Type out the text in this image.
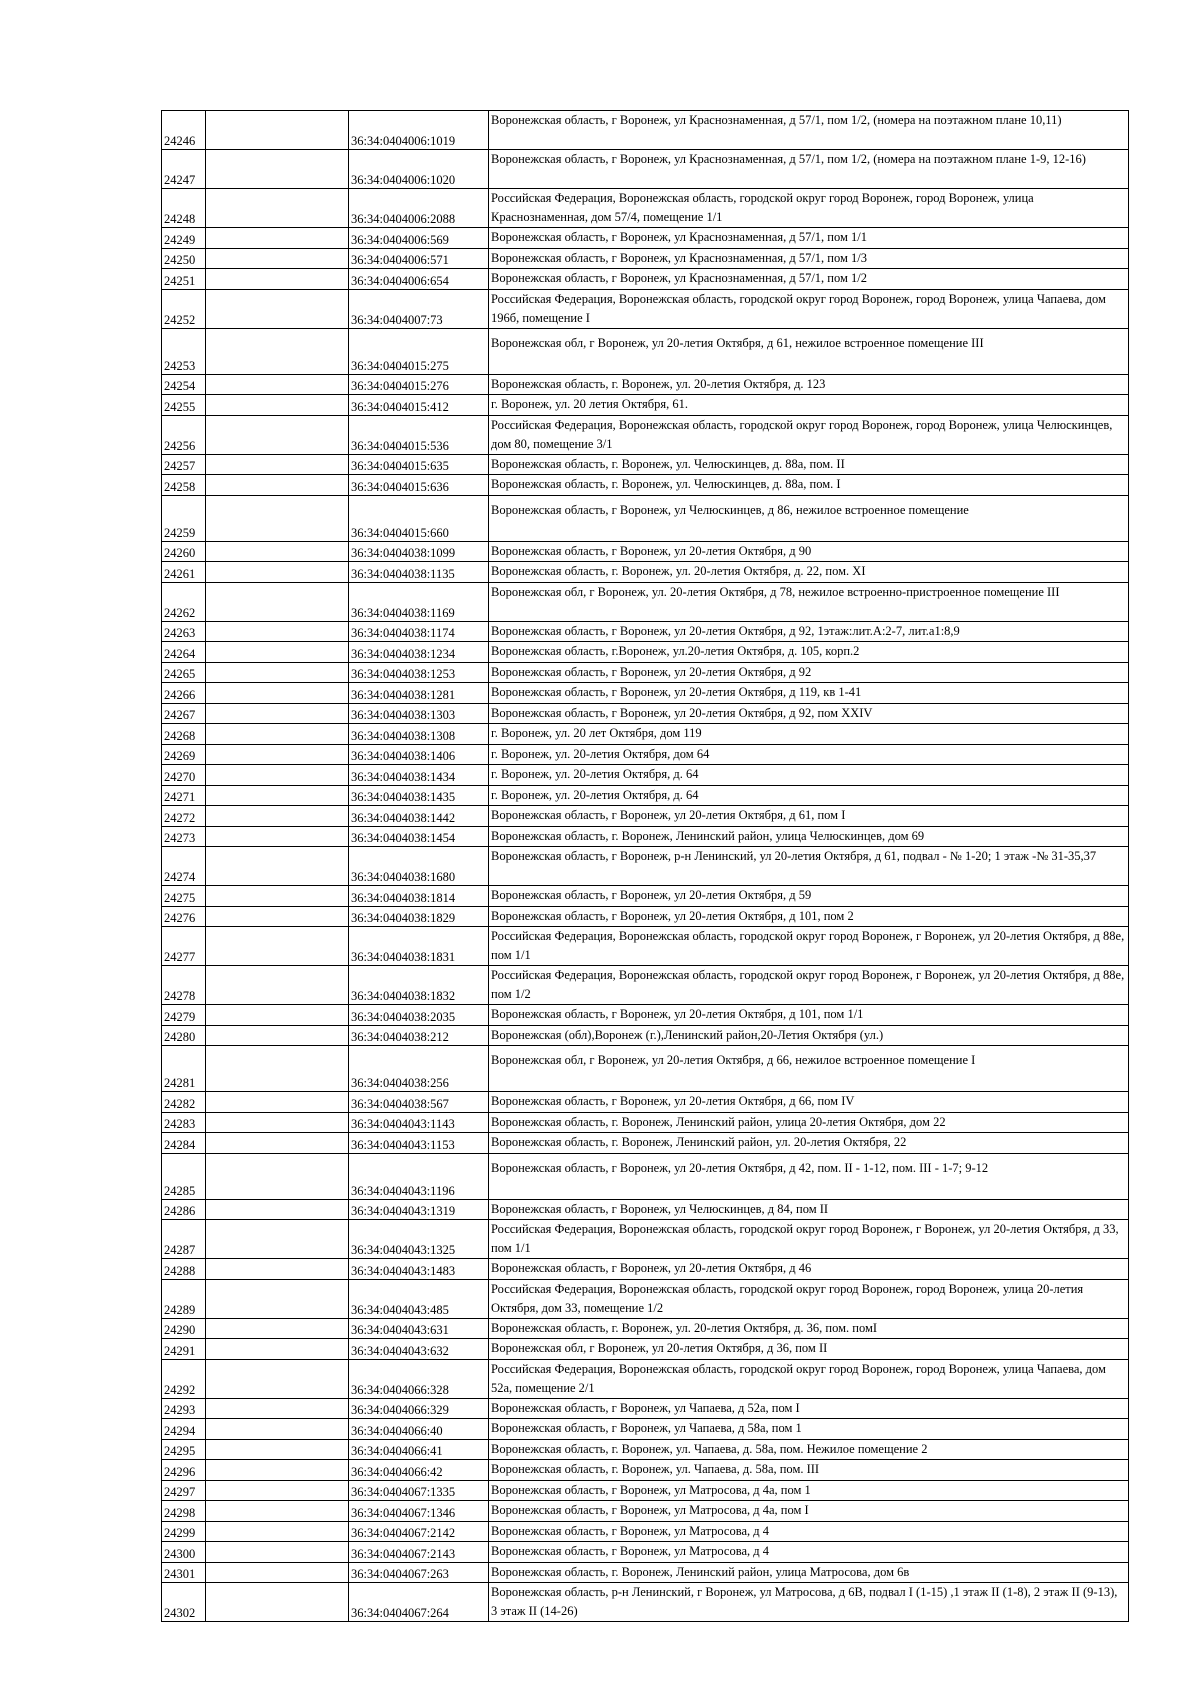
24246		36:34:0404006:1019	Воронежская область, г Воронеж, ул Краснознаменная, д 57/1, пом 1/2, (номера на поэтажном плане 10,11)
24247		36:34:0404006:1020	Воронежская область, г Воронеж, ул Краснознаменная, д 57/1, пом 1/2, (номера на поэтажном плане 1-9, 12-16)
24248		36:34:0404006:2088	Российская Федерация, Воронежская область, городской округ город Воронеж, город Воронеж, улица Краснознаменная, дом 57/4, помещение 1/1
24249		36:34:0404006:569	Воронежская область, г Воронеж, ул Краснознаменная, д 57/1, пом 1/1
24250		36:34:0404006:571	Воронежская область, г Воронеж, ул Краснознаменная, д 57/1, пом 1/3
24251		36:34:0404006:654	Воронежская область, г Воронеж, ул Краснознаменная, д 57/1, пом 1/2
24252		36:34:0404007:73	Российская Федерация, Воронежская область, городской округ город Воронеж, город Воронеж, улица Чапаева, дом 196б, помещение I
24253		36:34:0404015:275	Воронежская обл, г Воронеж, ул 20-летия Октября, д 61, нежилое встроенное помещение III
24254		36:34:0404015:276	Воронежская область, г. Воронеж, ул. 20-летия Октября, д. 123
24255		36:34:0404015:412	г. Воронеж, ул. 20 летия Октября, 61.
24256		36:34:0404015:536	Российская Федерация, Воронежская область, городской округ город Воронеж, город Воронеж, улица Челюскинцев, дом 80, помещение 3/1
24257		36:34:0404015:635	Воронежская область, г. Воронеж, ул. Челюскинцев, д. 88а, пом. II
24258		36:34:0404015:636	Воронежская область, г. Воронеж, ул. Челюскинцев, д. 88а, пом. I
24259		36:34:0404015:660	Воронежская область, г Воронеж, ул Челюскинцев, д 86, нежилое встроенное помещение
24260		36:34:0404038:1099	Воронежская область, г Воронеж, ул 20-летия Октября, д 90
24261		36:34:0404038:1135	Воронежская область, г. Воронеж, ул. 20-летия Октября, д. 22, пом. XI
24262		36:34:0404038:1169	Воронежская обл, г Воронеж, ул. 20-летия Октября, д 78, нежилое встроенно-пристроенное помещение III
24263		36:34:0404038:1174	Воронежская область, г Воронеж, ул 20-летия Октября, д 92, 1этаж:лит.А:2-7, лит.а1:8,9
24264		36:34:0404038:1234	Воронежская область, г.Воронеж, ул.20-летия Октября, д. 105, корп.2
24265		36:34:0404038:1253	Воронежская область, г Воронеж, ул 20-летия Октября, д 92
24266		36:34:0404038:1281	Воронежская область, г Воронеж, ул 20-летия Октября, д 119, кв 1-41
24267		36:34:0404038:1303	Воронежская область, г Воронеж, ул 20-летия Октября, д 92, пом XXIV
24268		36:34:0404038:1308	г. Воронеж, ул. 20 лет Октября, дом 119
24269		36:34:0404038:1406	г. Воронеж, ул. 20-летия Октября, дом 64
24270		36:34:0404038:1434	г. Воронеж, ул. 20-летия Октября, д. 64
24271		36:34:0404038:1435	г. Воронеж, ул. 20-летия Октября, д. 64
24272		36:34:0404038:1442	Воронежская область, г Воронеж, ул 20-летия Октября, д 61, пом I
24273		36:34:0404038:1454	Воронежская область, г. Воронеж, Ленинский район, улица Челюскинцев, дом 69
24274		36:34:0404038:1680	Воронежская область, г Воронеж, р-н Ленинский, ул 20-летия Октября, д 61, подвал - № 1-20; 1 этаж -№ 31-35,37
24275		36:34:0404038:1814	Воронежская область, г Воронеж, ул 20-летия Октября, д 59
24276		36:34:0404038:1829	Воронежская область, г Воронеж, ул 20-летия Октября, д 101, пом 2
24277		36:34:0404038:1831	Российская Федерация, Воронежская область, городской округ город Воронеж, г Воронеж, ул 20-летия Октября, д 88е, пом 1/1
24278		36:34:0404038:1832	Российская Федерация, Воронежская область, городской округ город Воронеж, г Воронеж, ул 20-летия Октября, д 88е, пом 1/2
24279		36:34:0404038:2035	Воронежская область, г Воронеж, ул 20-летия Октября, д 101, пом 1/1
24280		36:34:0404038:212	Воронежская (обл),Воронеж (г.),Ленинский район,20-Летия Октября (ул.)
24281		36:34:0404038:256	Воронежская обл, г Воронеж, ул 20-летия Октября, д 66, нежилое встроенное помещение I
24282		36:34:0404038:567	Воронежская область, г Воронеж, ул 20-летия Октября, д 66, пом IV
24283		36:34:0404043:1143	Воронежская область, г. Воронеж, Ленинский район, улица 20-летия Октября, дом 22
24284		36:34:0404043:1153	Воронежская область, г. Воронеж, Ленинский район, ул. 20-летия Октября, 22
24285		36:34:0404043:1196	Воронежская область, г Воронеж, ул 20-летия Октября, д 42, пом. II - 1-12, пом. III - 1-7; 9-12
24286		36:34:0404043:1319	Воронежская область, г Воронеж, ул Челюскинцев, д 84, пом II
24287		36:34:0404043:1325	Российская Федерация, Воронежская область, городской округ город Воронеж, г Воронеж, ул 20-летия Октября, д 33, пом 1/1
24288		36:34:0404043:1483	Воронежская область, г Воронеж, ул 20-летия Октября, д 46
24289		36:34:0404043:485	Российская Федерация, Воронежская область, городской округ город Воронеж, город Воронеж, улица 20-летия Октября, дом 33, помещение 1/2
24290		36:34:0404043:631	Воронежская область, г. Воронеж, ул. 20-летия Октября, д. 36, пом. помI
24291		36:34:0404043:632	Воронежская обл, г Воронеж, ул 20-летия Октября, д 36, пом II
24292		36:34:0404066:328	Российская Федерация, Воронежская область, городской округ город Воронеж, город Воронеж, улица Чапаева, дом 52а, помещение 2/1
24293		36:34:0404066:329	Воронежская область, г Воронеж, ул Чапаева, д 52а, пом I
24294		36:34:0404066:40	Воронежская область, г Воронеж, ул Чапаева, д 58а, пом 1
24295		36:34:0404066:41	Воронежская область, г. Воронеж, ул. Чапаева, д. 58а, пом. Нежилое помещение 2
24296		36:34:0404066:42	Воронежская область, г. Воронеж, ул. Чапаева, д. 58а, пом. III
24297		36:34:0404067:1335	Воронежская область, г Воронеж, ул Матросова, д 4а, пом 1
24298		36:34:0404067:1346	Воронежская область, г Воронеж, ул Матросова, д 4а, пом I
24299		36:34:0404067:2142	Воронежская область, г Воронеж, ул Матросова, д 4
24300		36:34:0404067:2143	Воронежская область, г Воронеж, ул Матросова, д 4
24301		36:34:0404067:263	Воронежская область, г. Воронеж, Ленинский район, улица Матросова, дом 6в
24302		36:34:0404067:264	Воронежская область, р-н Ленинский, г Воронеж, ул Матросова, д 6В, подвал I (1-15) ,1 этаж II (1-8), 2 этаж II (9-13), 3 этаж II (14-26)
